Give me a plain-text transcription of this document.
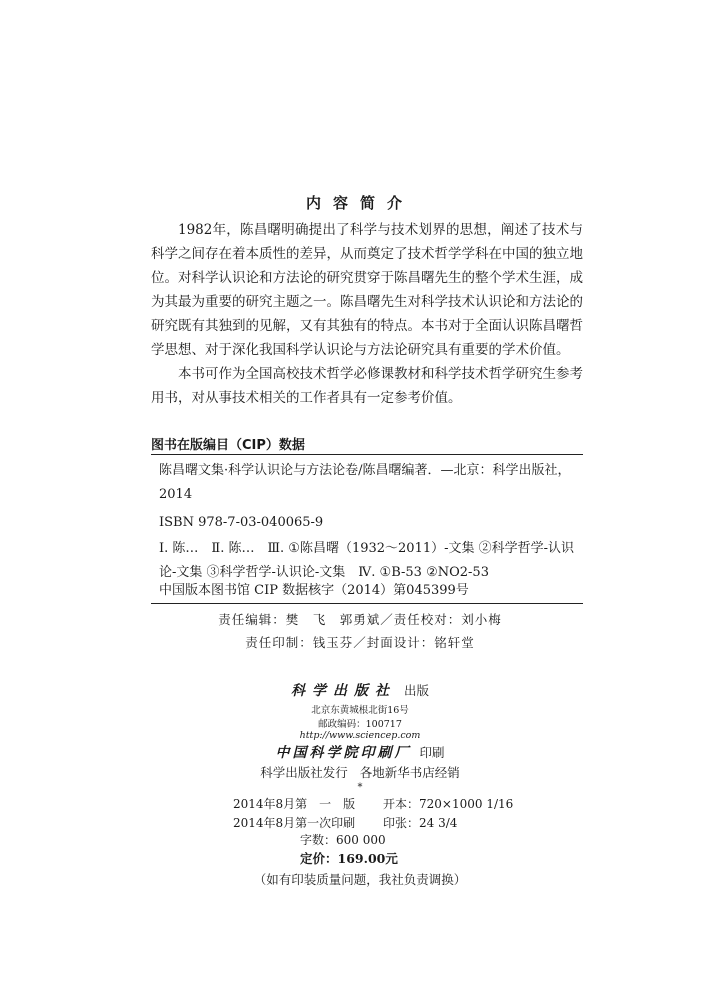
内容简介

1982年，陈昌曙明确提出了科学与技术划界的思想，阐述了技术与科学之间存在着本质性的差异，从而奠定了技术哲学学科在中国的独立地位。对科学认识论和方法论的研究贯穿于陈昌曙先生的整个学术生涯，成为其最为重要的研究主题之一。陈昌曙先生对科学技术认识论和方法论的研究既有其独到的见解，又有其独有的特点。本书对于全面认识陈昌曙哲学思想、对于深化我国科学认识论与方法论研究具有重要的学术价值。

本书可作为全国高校技术哲学必修课教材和科学技术哲学研究生参考用书，对从事技术相关的工作者具有一定参考价值。

图书在版编目（CIP）数据
陈昌曙文集·科学认识论与方法论卷/陈昌曙编著．—北京：科学出版社，2014
ISBN 978-7-03-040065-9
Ⅰ. 陈…　Ⅱ. 陈…　Ⅲ. ①陈昌曙（1932～2011）-文集 ②科学哲学-认识论-文集 ③科学哲学-认识论-文集　Ⅳ. ①B-53 ②NO2-53
中国版本图书馆 CIP 数据核字（2014）第045399号
责任编辑：樊　飞　郭勇斌／责任校对：刘小梅
责任印制：钱玉芬／封面设计：铭轩堂
科学出版社 出版
北京东黄城根北街16号
邮政编码：100717
http://www.sciencep.com
中国科学院印刷厂 印刷
科学出版社发行 各地新华书店经销
*
2014年8月第　一　版 开本：720×1000 1/16
2014年8月第一次印刷 印张：24 3/4
字数：600 000
定价：169.00元
（如有印装质量问题，我社负责调换）
